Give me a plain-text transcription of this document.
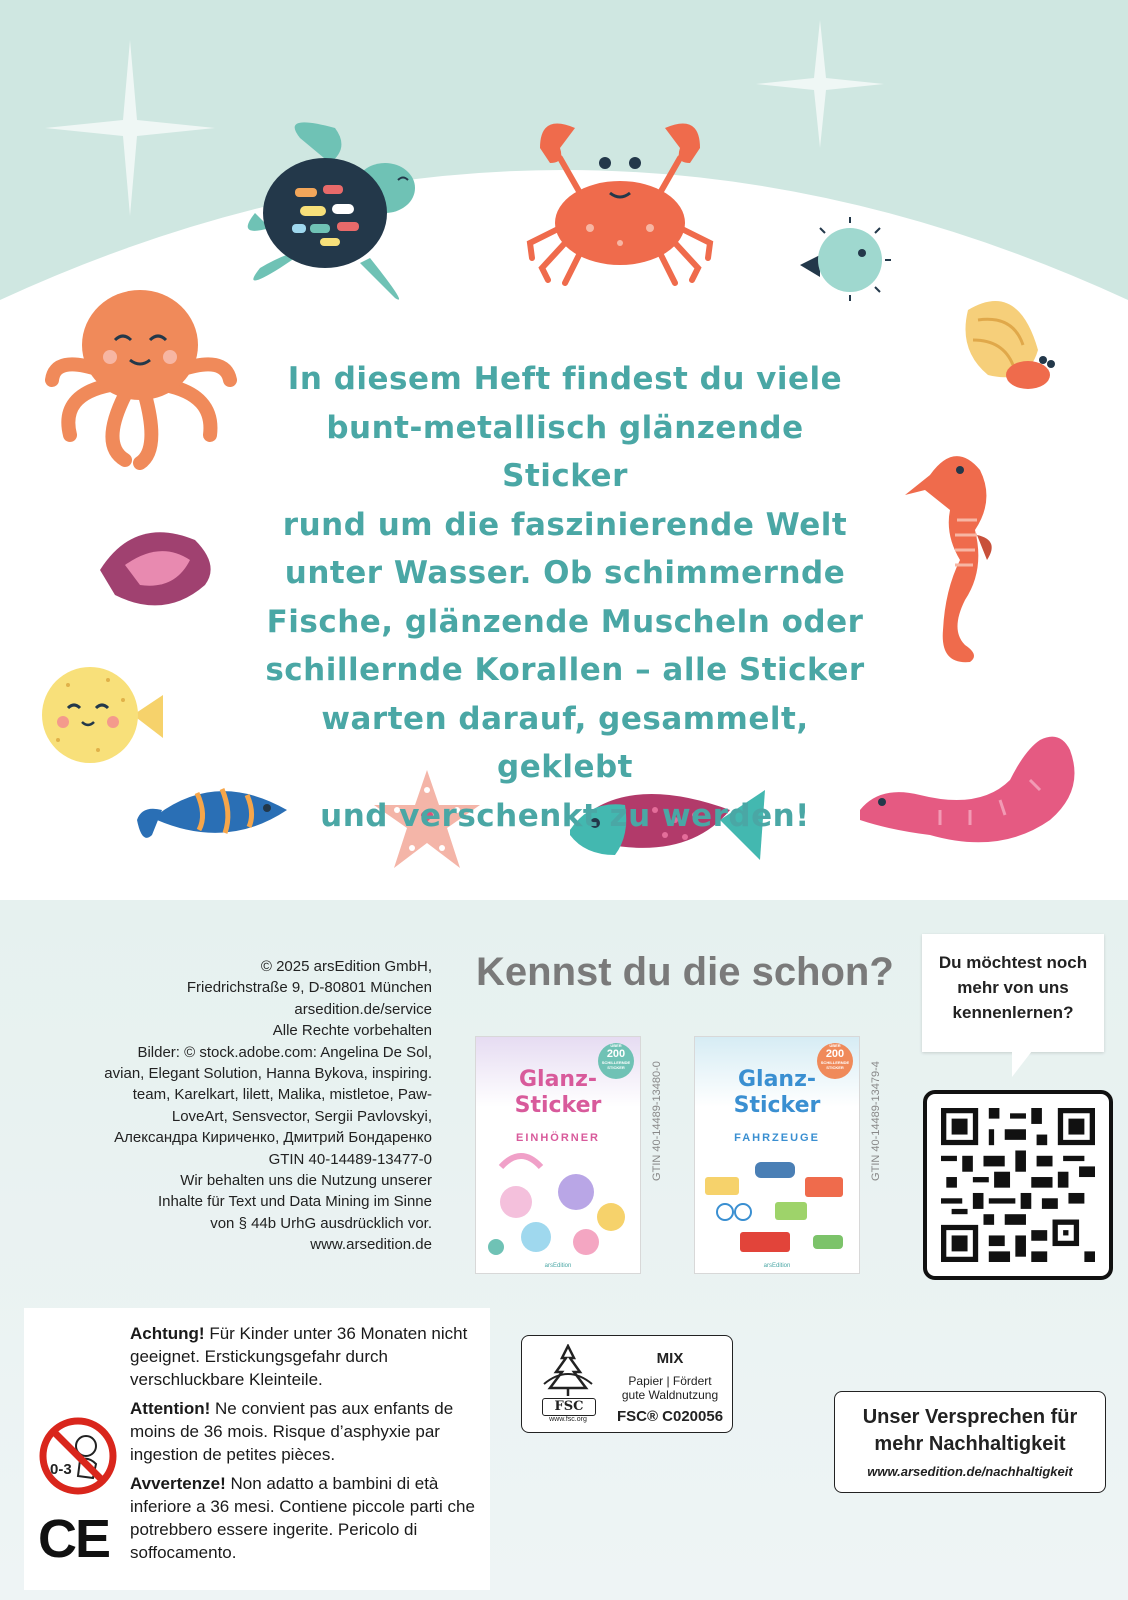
In diesem Heft findest du viele
bunt-metallisch glänzende Sticker
rund um die faszinierende Welt
unter Wasser. Ob schimmernde
Fische, glänzende Muscheln oder
schillernde Korallen – alle Sticker
warten darauf, gesammelt, geklebt
und verschenkt zu werden!

© 2025 arsEdition GmbH,
Friedrichstraße 9, D-80801 München
arsedition.de/service
Alle Rechte vorbehalten
Bilder: © stock.adobe.com: Angelina De Sol,
avian, Elegant Solution, Hanna Bykova, inspiring.
team, Karelkart, lilett, Malika, mistletoe, Paw-
LoveArt, Sensvector, Sergii Pavlovskyi,
Александра Кириченко, Дмитрий Бондаренко
GTIN 40-14489-13477-0
Wir behalten uns die Nutzung unserer
Inhalte für Text und Data Mining im Sinne
von § 44b UrhG ausdrücklich vor.
www.arsedition.de
Kennst du die schon?
ÜBER
200
SCHILLERNDE STICKER
Glanz-
Sticker
EINHÖRNER
arsEdition
GTIN 40-14489-13480-0
ÜBER
200
SCHILLERNDE STICKER
Glanz-
Sticker
FAHRZEUGE
arsEdition
GTIN 40-14489-13479-4
Du möchtest noch
mehr von uns
kennenlernen?
0-3
CE

Achtung! Für Kinder unter 36 Monaten nicht geeignet. Erstickungsgefahr durch verschluckbare Kleinteile.

Attention! Ne convient pas aux enfants de moins de 36 mois. Risque d’asphyxie par ingestion de petites pièces.

Avvertenze! Non adatto a bambini di età inferiore a 36 mesi. Contiene piccole parti che potrebbero essere ingerite. Pericolo di soffocamento.

FSC
www.fsc.org
MIX
Papier | Fördert
gute Waldnutzung
FSC® C020056	Unser Versprechen für
mehr Nachhaltigkeit
www.arsedition.de/nachhaltigkeit
